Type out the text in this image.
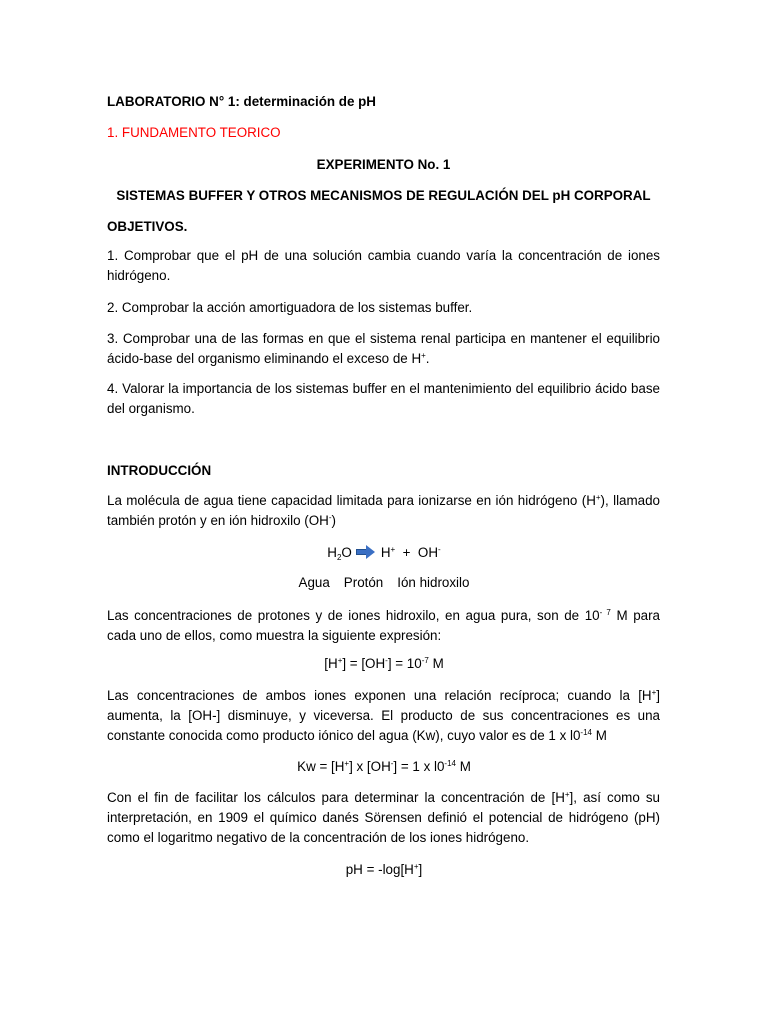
LABORATORIO N° 1: determinación de pH

1. FUNDAMENTO TEORICO

EXPERIMENTO No. 1

SISTEMAS BUFFER Y OTROS MECANISMOS DE REGULACIÓN DEL pH CORPORAL

OBJETIVOS.

1. Comprobar que el pH de una solución cambia cuando varía la concentración de iones hidrógeno.

2. Comprobar la acción amortiguadora de los sistemas buffer.

3. Comprobar una de las formas en que el sistema renal participa en mantener el equilibrio ácido-base del organismo eliminando el exceso de H+.

4. Valorar la importancia de los sistemas buffer en el mantenimiento del equilibrio ácido base del organismo.

INTRODUCCIÓN

La molécula de agua tiene capacidad limitada para ionizarse en ión hidrógeno (H+), llamado también protón y en ión hidroxilo (OH-)

$H_2O$ H+ + OH-

Agua Protón Ión hidroxilo

Las concentraciones de protones y de iones hidroxilo, en agua pura, son de $10^{- 7}$ M para cada uno de ellos, como muestra la siguiente expresión:

$[H^+] = [OH^-] = 10^{-7}$ M

Las concentraciones de ambos iones exponen una relación recíproca; cuando la [H+] aumenta, la [OH-] disminuye, y viceversa. El producto de sus concentraciones es una constante conocida como producto iónico del agua (Kw), cuyo valor es de 1 x $l0^{-14}$ M

Kw = [H+] x [OH-] = 1 x $l0^{-14}$ M

Con el fin de facilitar los cálculos para determinar la concentración de [H+], así como su interpretación, en 1909 el químico danés Sörensen definió el potencial de hidrógeno (pH) como el logaritmo negativo de la concentración de los iones hidrógeno.

pH = -log[H+]
